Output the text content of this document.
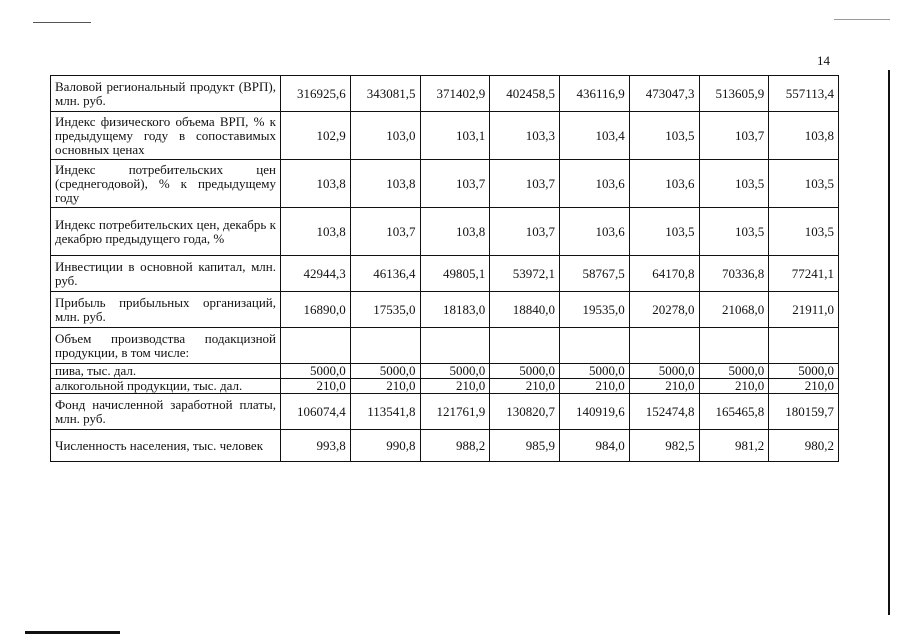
14
Валовой региональный продукт (ВРП), млн. руб.	316925,6	343081,5	371402,9	402458,5	436116,9	473047,3	513605,9	557113,4
Индекс физического объема ВРП, % к предыдущему году в сопоставимых основных ценах	102,9	103,0	103,1	103,3	103,4	103,5	103,7	103,8
Индекс потребительских цен (среднегодовой), % к предыдущему году	103,8	103,8	103,7	103,7	103,6	103,6	103,5	103,5
Индекс потребительских цен, декабрь к декабрю предыдущего года, %	103,8	103,7	103,8	103,7	103,6	103,5	103,5	103,5
Инвестиции в основной капитал, млн. руб.	42944,3	46136,4	49805,1	53972,1	58767,5	64170,8	70336,8	77241,1
Прибыль прибыльных организаций, млн. руб.	16890,0	17535,0	18183,0	18840,0	19535,0	20278,0	21068,0	21911,0
Объем производства подакцизной продукции, в том числе:								
пива, тыс. дал.	5000,0	5000,0	5000,0	5000,0	5000,0	5000,0	5000,0	5000,0
алкогольной продукции, тыс. дал.	210,0	210,0	210,0	210,0	210,0	210,0	210,0	210,0
Фонд начисленной заработной платы, млн. руб.	106074,4	113541,8	121761,9	130820,7	140919,6	152474,8	165465,8	180159,7
Численность населения, тыс. человек	993,8	990,8	988,2	985,9	984,0	982,5	981,2	980,2
